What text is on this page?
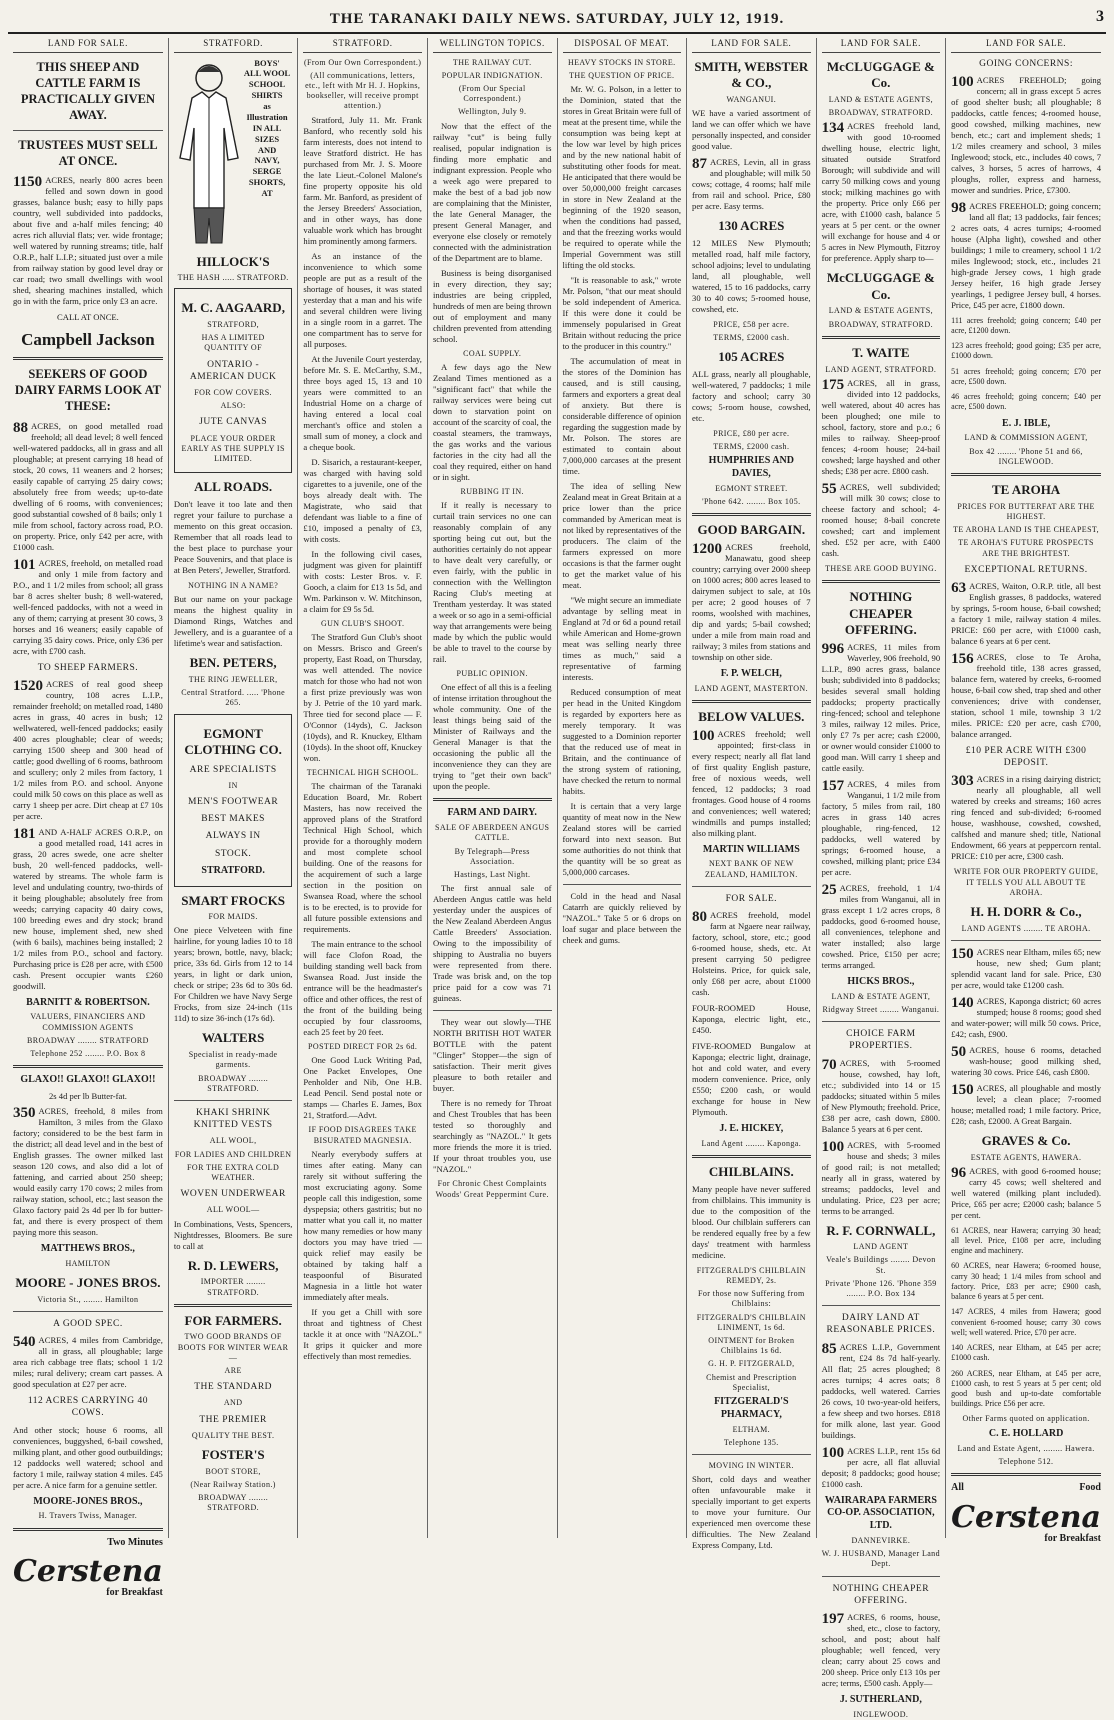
THE TARANAKI DAILY NEWS. SATURDAY, JULY 12, 1919.	3
LAND FOR SALE.
THIS SHEEP AND CATTLE FARM IS PRACTICALLY GIVEN AWAY.
TRUSTEES MUST SELL AT ONCE.
1150 ACRES, nearly 800 acres been felled and sown down in good grasses, balance bush; easy to hilly paps country, well subdivided into paddocks, about five and a-half miles fencing; 40 acres rich alluvial flats; ver. wide frontage; well watered by running streams; title, half O.R.P., half L.I.P.; situated just over a mile from railway station by good level dray or car road; two small dwellings with wool shed, shearing machines installed, which go in with the farm, price only £3 an acre.
CALL AT ONCE.
Campbell Jackson
SEEKERS OF GOOD DAIRY FARMS LOOK AT THESE:
88 ACRES, on good metalled road freehold; all dead level; 8 well fenced well-watered paddocks, all in grass and all ploughable; at present carrying 18 head of stock, 20 cows, 11 weaners and 2 horses; easily capable of carrying 25 dairy cows; absolutely free from weeds; up-to-date dwelling of 6 rooms, with conveniences; good substantial cowshed of 8 bails; only 1 mile from school, factory across road, P.O. on property. Price, only £42 per acre, with £1000 cash.
101 ACRES, freehold, on metalled road and only 1 mile from factory and P.O., and 1 1/2 miles from school; all grass bar 8 acres shelter bush; 8 well-watered, well-fenced paddocks, with not a weed in any of them; carrying at present 30 cows, 3 horses and 16 weaners; easily capable of carrying 35 dairy cows. Price, only £36 per acre, with £700 cash.
TO SHEEP FARMERS.
1520 ACRES of real good sheep country, 108 acres L.I.P., remainder freehold; on metalled road, 1480 acres in grass, 40 acres in bush; 12 wellwatered, well-fenced paddocks; easily 400 acres ploughable; clear of weeds; carrying 1500 sheep and 300 head of cattle; good dwelling of 6 rooms, bathroom and scullery; only 2 miles from factory, 1 1/2 miles from P.O. and school. Anyone could milk 50 cows on this place as well as carry 1 sheep per acre. Dirt cheap at £7 10s per acre.
181 AND A-HALF ACRES O.R.P., on a good metalled road, 141 acres in grass, 20 acres swede, one acre shelter bush, 20 well-fenced paddocks, well-watered by streams. The whole farm is level and undulating country, two-thirds of it being ploughable; absolutely free from weeds; carrying capacity 40 dairy cows, 100 breeding ewes and dry stock; brand new house, implement shed, new shed (with 6 bails), machines being installed; 2 1/2 miles from P.O., school and factory. Purchasing price is £28 per acre, with £500 cash. Present occupier wants £260 goodwill.
BARNITT & ROBERTSON.
VALUERS, FINANCIERS AND COMMISSION AGENTS
BROADWAY ........ STRATFORD
Telephone 252 ........ P.O. Box 8
GLAXO!! GLAXO!! GLAXO!!
2s 4d per lb Butter-fat.
350 ACRES, freehold, 8 miles from Hamilton, 3 miles from the Glaxo factory; considered to be the best farm in the district; all dead level and in the best of English grasses. The owner milked last season 120 cows, and also did a lot of fattening, and carried about 250 sheep; would easily carry 170 cows; 2 miles from railway station, school, etc.; last season the Glaxo factory paid 2s 4d per lb for butter-fat, and there is every prospect of them paying more this season.
MATTHEWS BROS.,
HAMILTON
MOORE - JONES BROS.
Victoria St., ........ Hamilton
A GOOD SPEC.
540 ACRES, 4 miles from Cambridge, all in grass, all ploughable; large area rich cabbage tree flats; school 1 1/2 miles; rural delivery; cream cart passes. A good speculation at £27 per acre.
112 ACRES CARRYING 40 COWS.
And other stock; house 6 rooms, all conveniences, buggyshed, 6-bail cowshed, milking plant, and other good outbuildings; 12 paddocks well watered; school and factory 1 mile, railway station 4 miles. £45 per acre. A nice farm for a genuine settler.
MOORE-JONES BROS.,
H. Travers Twiss, Manager.
Two Minutes
Cerstena
for Breakfast
STRATFORD.
BOYS'
ALL WOOL
SCHOOL
SHIRTS
as
Illustration
IN ALL
SIZES
AND
NAVY,
SERGE
SHORTS,
AT
HILLOCK'S
THE HASH ..... STRATFORD.
M. C. AAGAARD,
STRATFORD,
HAS A LIMITED QUANTITY OF
ONTARIO - AMERICAN DUCK
FOR COW COVERS.
ALSO:
JUTE CANVAS
PLACE YOUR ORDER EARLY AS THE SUPPLY IS LIMITED.
ALL ROADS.
Don't leave it too late and then regret your failure to purchase a memento on this great occasion. Remember that all roads lead to the best place to purchase your Peace Souvenirs, and that place is at Ben Peters', Jeweller, Stratford.
NOTHING IN A NAME?
But our name on your package means the highest quality in Diamond Rings, Watches and Jewellery, and is a guarantee of a lifetime's wear and satisfaction.
BEN. PETERS,
THE RING JEWELLER,
Central Stratford. ..... 'Phone 265.
EGMONT CLOTHING CO.
ARE SPECIALISTS
IN
MEN'S FOOTWEAR
BEST MAKES
ALWAYS IN
STOCK.
STRATFORD.
SMART FROCKS
FOR MAIDS.
One piece Velveteen with fine hairline, for young ladies 10 to 18 years; brown, bottle, navy, black; price, 33s 6d. Girls from 12 to 14 years, in light or dark union, check or stripe; 23s 6d to 30s 6d. For Children we have Navy Serge Frocks, from size 24-inch (11s 11d) to size 36-inch (17s 6d).
WALTERS
Specialist in ready-made garments.
BROADWAY ........ STRATFORD.
KHAKI SHRINK KNITTED VESTS
ALL WOOL,
FOR LADIES AND CHILDREN
FOR THE EXTRA COLD WEATHER.
WOVEN UNDERWEAR
ALL WOOL—
In Combinations, Vests, Spencers, Nightdresses, Bloomers. Be sure to call at
R. D. LEWERS,
IMPORTER ........ STRATFORD.
FOR FARMERS.
TWO GOOD BRANDS OF BOOTS FOR WINTER WEAR —
ARE
THE STANDARD
AND
THE PREMIER
QUALITY THE BEST.
FOSTER'S
BOOT STORE,
(Near Railway Station.)
BROADWAY ........ STRATFORD.
STRATFORD.
(From Our Own Correspondent.)
(All communications, letters, etc., left with Mr H. J. Hopkins, bookseller, will receive prompt attention.)

Stratford, July 11. Mr. Frank Banford, who recently sold his farm interests, does not intend to leave Stratford district. He has purchased from Mr. J. S. Moore the late Lieut.-Colonel Malone's fine property opposite his old farm. Mr. Banford, as president of the Jersey Breeders' Association, and in other ways, has done valuable work which has brought him prominently among farmers.

As an instance of the inconvenience to which some people are put as a result of the shortage of houses, it was stated yesterday that a man and his wife and several children were living in a single room in a garret. The one compartment has to serve for all purposes.

At the Juvenile Court yesterday, before Mr. S. E. McCarthy, S.M., three boys aged 15, 13 and 10 years were committed to an Industrial Home on a charge of having entered a local coal merchant's office and stolen a small sum of money, a clock and a cheque book.

D. Sisarich, a restaurant-keeper, was charged with having sold cigarettes to a juvenile, one of the boys already dealt with. The Magistrate, who said that defendant was liable to a fine of £10, imposed a penalty of £3, with costs.

In the following civil cases, judgment was given for plaintiff with costs: Lester Bros. v. F. Gooch, a claim for £13 1s 5d, and Wm. Parkinson v. W. Mitchinson, a claim for £9 5s 5d.

GUN CLUB'S SHOOT.

The Stratford Gun Club's shoot on Messrs. Brisco and Green's property, East Road, on Thursday, was well attended. The novice match for those who had not won a first prize previously was won by J. Petrie of the 10 yard mark. Three tied for second place — F. O'Connor (14yds), C. Jackson (10yds), and R. Knuckey, Eltham (10yds). In the shoot off, Knuckey won.

TECHNICAL HIGH SCHOOL.

The chairman of the Taranaki Education Board, Mr. Robert Masters, has now received the approved plans of the Stratford Technical High School, which provide for a thoroughly modern and most complete school building. One of the reasons for the acquirement of such a large section in the position on Swansea Road, where the school is to be erected, is to provide for all future possible extensions and requirements.

The main entrance to the school will face Clofon Road, the building standing well back from Swansea Road. Just inside the entrance will be the headmaster's office and other offices, the rest of the front of the building being occupied by four classrooms, each 25 feet by 20 feet.

POSTED DIRECT FOR 2s 6d.

One Good Luck Writing Pad, One Packet Envelopes, One Penholder and Nib, One H.B. Lead Pencil. Send postal note or stamps — Charles E. James, Box 21, Stratford.—Advt.

IF FOOD DISAGREES TAKE BISURATED MAGNESIA.

Nearly everybody suffers at times after eating. Many can rarely sit without suffering the most excruciating agony. Some people call this indigestion, some dyspepsia; others gastritis; but no matter what you call it, no matter how many remedies or how many doctors you may have tried — quick relief may easily be obtained by taking half a teaspoonful of Bisurated Magnesia in a little hot water immediately after meals.

If you get a Chill with sore throat and tightness of Chest tackle it at once with "NAZOL." It grips it quicker and more effectively than most remedies.

WELLINGTON TOPICS.
THE RAILWAY CUT.
POPULAR INDIGNATION.
(From Our Special Correspondent.)
Wellington, July 9.

Now that the effect of the railway "cut" is being fully realised, popular indignation is finding more emphatic and indignant expression. People who a week ago were prepared to make the best of a bad job now are complaining that the Minister, the late General Manager, the present General Manager, and everyone else closely or remotely connected with the administration of the Department are to blame.

Business is being disorganised in every direction, they say; industries are being crippled, hundreds of men are being thrown out of employment and many children prevented from attending school.

COAL SUPPLY.

A few days ago the New Zealand Times mentioned as a "significant fact" that while the railway services were being cut down to starvation point on account of the scarcity of coal, the coastal steamers, the tramways, the gas works and the various factories in the city had all the coal they required, either on hand or in sight.

RUBBING IT IN.

If it really is necessary to curtail train services no one can reasonably complain of any sporting being cut out, but the authorities certainly do not appear to have dealt very carefully, or even fairly, with the public in connection with the Wellington Racing Club's meeting at Trentham yesterday. It was stated a week or so ago in a semi-official way that arrangements were being made by which the public would be able to travel to the course by rail.

PUBLIC OPINION.

One effect of all this is a feeling of intense irritation throughout the whole community. One of the least things being said of the Minister of Railways and the General Manager is that the occasioning the public all the inconvenience they can they are trying to "get their own back" upon the people.

FARM AND DAIRY.
SALE OF ABERDEEN ANGUS CATTLE.
By Telegraph—Press Association.
Hastings, Last Night.

The first annual sale of Aberdeen Angus cattle was held yesterday under the auspices of the New Zealand Aberdeen Angus Cattle Breeders' Association. Owing to the impossibility of shipping to Australia no buyers were represented from there. Trade was brisk and, on the top price paid for a cow was 71 guineas.

They wear out slowly—THE NORTH BRITISH HOT WATER BOTTLE with the patent "Clinger" Stopper—the sign of satisfaction. Their merit gives pleasure to both retailer and buyer.

There is no remedy for Throat and Chest Troubles that has been tested so thoroughly and searchingly as "NAZOL." It gets more friends the more it is tried. If your throat troubles you, use "NAZOL."

For Chronic Chest Complaints Woods' Great Peppermint Cure.
DISPOSAL OF MEAT.
HEAVY STOCKS IN STORE.
THE QUESTION OF PRICE.

Mr. W. G. Polson, in a letter to the Dominion, stated that the stores in Great Britain were full of meat at the present time, while the consumption was being kept at the low war level by high prices and by the new national habit of substituting other foods for meat. He anticipated that there would be over 50,000,000 freight carcases in store in New Zealand at the beginning of the 1920 season, when the conditions had passed, and that the freezing works would be required to operate while the Imperial Government was still lifting the old stocks.

"It is reasonable to ask," wrote Mr. Polson, "that our meat should be sold independent of America. If this were done it could be immensely popularised in Great Britain without reducing the price to the producer in this country."

The accumulation of meat in the stores of the Dominion has caused, and is still causing, farmers and exporters a great deal of anxiety. But there is considerable difference of opinion regarding the suggestion made by Mr. Polson. The stores are estimated to contain about 7,000,000 carcases at the present time.

The idea of selling New Zealand meat in Great Britain at a price lower than the price commanded by American meat is not liked by representatives of the producers. The claim of the farmers expressed on more occasions is that the farmer ought to get the market value of his meat.

"We might secure an immediate advantage by selling meat in England at 7d or 6d a pound retail while American and Home-grown meat was selling nearly three times as much," said a representative of farming interests.

Reduced consumption of meat per head in the United Kingdom is regarded by exporters here as merely temporary. It was suggested to a Dominion reporter that the reduced use of meat in Britain, and the continuance of the strong system of rationing, have checked the return to normal habits.

It is certain that a very large quantity of meat now in the New Zealand stores will be carried forward into next season. But some authorities do not think that the quantity will be so great as 5,000,000 carcases.

Cold in the head and Nasal Catarrh are quickly relieved by "NAZOL." Take 5 or 6 drops on loaf sugar and place between the cheek and gums.

LAND FOR SALE.
SMITH, WEBSTER & CO.,
WANGANUI.
WE have a varied assortment of land we can offer which we have personally inspected, and consider good value.
87 ACRES, Levin, all in grass and ploughable; will milk 50 cows; cottage, 4 rooms; half mile from rail and school. Price, £80 per acre. Easy terms.
130 ACRES
12 MILES New Plymouth; metalled road, half mile factory, school adjoins; level to undulating land, all ploughable, well watered, 15 to 16 paddocks, carry 30 to 40 cows; 5-roomed house, cowshed, etc.
PRICE, £58 per acre.
TERMS, £2000 cash.
105 ACRES
ALL grass, nearly all ploughable, well-watered, 7 paddocks; 1 mile factory and school; carry 30 cows; 5-room house, cowshed, etc.
PRICE, £80 per acre.
TERMS, £2000 cash.
HUMPHRIES AND DAVIES,
EGMONT STREET.
'Phone 642. ........ Box 105.
GOOD BARGAIN.
1200 ACRES freehold, Manawatu, good sheep country; carrying over 2000 sheep on 1000 acres; 800 acres leased to dairymen subject to sale, at 10s per acre; 2 good houses of 7 rooms, woolshed with machines, dip and yards; 5-bail cowshed; under a mile from main road and railway; 3 miles from stations and township on other side.
F. P. WELCH,
LAND AGENT, MASTERTON.
BELOW VALUES.
100 ACRES freehold; well appointed; first-class in every respect; nearly all flat land of first quality English pasture, free of noxious weeds, well fenced, 12 paddocks; 3 road frontages. Good house of 4 rooms and conveniences; well watered; windmills and pumps installed; also milking plant.
MARTIN WILLIAMS
NEXT BANK OF NEW ZEALAND, HAMILTON.
FOR SALE.
80 ACRES freehold, model farm at Ngaere near railway, factory, school, store, etc.; good 6-roomed house, sheds, etc. At present carrying 50 pedigree Holsteins. Price, for quick sale, only £68 per acre, about £1000 cash.
FOUR-ROOMED House, Kaponga, electric light, etc., £450.
FIVE-ROOMED Bungalow at Kaponga; electric light, drainage, hot and cold water, and every modern convenience. Price, only £550; £200 cash, or would exchange for house in New Plymouth.
J. E. HICKEY,
Land Agent ........ Kaponga.
CHILBLAINS.
Many people have never suffered from chilblains. This immunity is due to the composition of the blood. Our chilblain sufferers can be rendered equally free by a few days' treatment with harmless medicine.
FITZGERALD'S CHILBLAIN REMEDY, 2s.
For those now Suffering from Chilblains:
FITZGERALD'S CHILBLAIN LINIMENT, 1s 6d.
OINTMENT for Broken Chilblains 1s 6d.
G. H. P. FITZGERALD,
Chemist and Prescription Specialist,
FITZGERALD'S PHARMACY,
ELTHAM.
Telephone 135.
MOVING IN WINTER.
Short, cold days and weather often unfavourable make it specially important to get experts to move your furniture. Our experienced men overcome these difficulties. The New Zealand Express Company, Ltd.
LAND FOR SALE.
McCLUGGAGE & Co.
LAND & ESTATE AGENTS,
BROADWAY, STRATFORD.
134 ACRES freehold land, with good 10-roomed dwelling house, electric light, situated outside Stratford Borough; will subdivide and will carry 50 milking cows and young stock; milking machines go with the property. Price only £66 per acre, with £1000 cash, balance 5 years at 5 per cent. or the owner will exchange for house and 4 or 5 acres in New Plymouth, Fitzroy for preference. Apply sharp to—
McCLUGGAGE & Co.
LAND & ESTATE AGENTS,
BROADWAY, STRATFORD.
T. WAITE
LAND AGENT, STRATFORD.
175 ACRES, all in grass, divided into 12 paddocks, well watered, about 40 acres has been ploughed; one mile to school, factory, store and p.o.; 6 miles to railway. Sheep-proof fences; 4-room house; 24-bail cowshed; large hayshed and other sheds; £38 per acre. £800 cash.
55 ACRES, well subdivided; will milk 30 cows; close to cheese factory and school; 4-roomed house; 8-bail concrete cowshed; cart and implement shed. £52 per acre, with £400 cash.
THESE ARE GOOD BUYING.
NOTHING CHEAPER OFFERING.
996 ACRES, 11 miles from Waverley, 906 freehold, 90 L.I.P., 890 acres grass, balance bush; subdivided into 8 paddocks; besides several small holding paddocks; property practically ring-fenced; school and telephone 3 miles, railway 12 miles. Price, only £7 7s per acre; cash £2000, or owner would consider £1000 to good man. Will carry 1 sheep and cattle easily.
157 ACRES, 4 miles from Wanganui, 1 1/2 mile from factory, 5 miles from rail, 180 acres in grass 140 acres ploughable, ring-fenced, 12 paddocks, well watered by springs; 6-roomed house, a cowshed, milking plant; price £34 per acre.
25 ACRES, freehold, 1 1/4 miles from Wanganui, all in grass except 1 1/2 acres crops, 8 paddocks, good 6-roomed house, all conveniences, telephone and water installed; also large cowshed. Price, £150 per acre; terms arranged.
HICKS BROS.,
LAND & ESTATE AGENT,
Ridgway Street ........ Wanganui.
CHOICE FARM PROPERTIES.
70 ACRES, with 5-roomed house, cowshed, hay loft, etc.; subdivided into 14 or 15 paddocks; situated within 5 miles of New Plymouth; freehold. Price, £38 per acre, cash down, £800. Balance 5 years at 6 per cent.
100 ACRES, with 5-roomed house and sheds; 3 miles of good rail; is not metalled; nearly all in grass, watered by streams; paddocks, level and undulating. Price, £23 per acre; terms to be arranged.
R. F. CORNWALL,
LAND AGENT
Veale's Buildings ........ Devon St.
Private 'Phone 126. 'Phone 359 ........ P.O. Box 134
DAIRY LAND AT REASONABLE PRICES.
85 ACRES L.I.P., Government rent, £24 8s 7d half-yearly. All flat; 25 acres ploughed; 8 acres turnips; 4 acres oats; 8 paddocks, well watered. Carries 26 cows, 10 two-year-old heifers, a few sheep and two horses. £818 for milk alone, last year. Good buildings.
100 ACRES L.I.P., rent 15s 6d per acre, all flat alluvial deposit; 8 paddocks; good house; £1000 cash.
WAIRARAPA FARMERS CO-OP. ASSOCIATION, LTD.
DANNEVIRKE.
W. J. HUSBAND, Manager Land Dept.
NOTHING CHEAPER OFFERING.
197 ACRES, 6 rooms, house, shed, etc., close to factory, school, and post; about half ploughable; well fenced, very clean; carry about 25 cows and 200 sheep. Price only £13 10s per acre; terms, £500 cash. Apply—
J. SUTHERLAND,
INGLEWOOD.
LAND FOR SALE.
GOING CONCERNS:
100 ACRES FREEHOLD; going concern; all in grass except 5 acres of good shelter bush; all ploughable; 8 paddocks, cattle fences; 4-roomed house, good cowshed, milking machines, new bench, etc.; cart and implement sheds; 1 1/2 miles creamery and school, 3 miles Inglewood; stock, etc., includes 40 cows, 7 calves, 3 horses, 5 acres of harrows, 4 ploughs, roller, express and harness, mower and sundries. Price, £7300.
98 ACRES FREEHOLD; going concern; land all flat; 13 paddocks, fair fences; 2 acres oats, 4 acres turnips; 4-roomed house (Alpha light), cowshed and other buildings; 1 mile to creamery, school 1 1/2 miles Inglewood; stock, etc., includes 21 high-grade Jersey cows, 1 high grade Jersey heifer, 16 high grade Jersey yearlings, 1 pedigree Jersey bull, 4 horses. Price, £45 per acre, £1800 down.
111 acres freehold; going concern; £40 per acre, £1200 down.
123 acres freehold; good going; £35 per acre, £1000 down.
51 acres freehold; going concern; £70 per acre, £500 down.
46 acres freehold; going concern; £40 per acre, £500 down.
E. J. IBLE,
LAND & COMMISSION AGENT,
Box 42 ........ 'Phone 51 and 66, INGLEWOOD.
TE AROHA
PRICES FOR BUTTERFAT ARE THE HIGHEST.
TE AROHA LAND IS THE CHEAPEST,
TE AROHA'S FUTURE PROSPECTS ARE THE BRIGHTEST.
EXCEPTIONAL RETURNS.
63 ACRES, Waiton, O.R.P. title, all best English grasses, 8 paddocks, watered by springs, 5-room house, 6-bail cowshed; a factory 1 mile, railway station 4 miles. PRICE: £60 per acre, with £1000 cash, balance 6 years at 6 per cent.
156 ACRES, close to Te Aroha, freehold title, 138 acres grassed, balance fern, watered by creeks, 6-roomed house, 6-bail cow shed, trap shed and other conveniences; drive with condenser, station, school 1 mile, township 3 1/2 miles. PRICE: £20 per acre, cash £700, balance arranged.
£10 PER ACRE WITH £300 DEPOSIT.
303 ACRES in a rising dairying district; nearly all ploughable, all well watered by creeks and streams; 160 acres ring fenced and sub-divided; 6-roomed house, washhouse, cowshed, cowshed, calfshed and manure shed; title, National Endowment, 66 years at peppercorn rental. PRICE: £10 per acre, £300 cash.
WRITE FOR OUR PROPERTY GUIDE, IT TELLS YOU ALL ABOUT TE AROHA.
H. H. DORR & Co.,
LAND AGENTS ........ TE AROHA.
150 ACRES near Eltham, miles 65; new house, new shed; Gum plant; splendid vacant land for sale. Price, £30 per acre, would take £1200 cash.
140 ACRES, Kaponga district; 60 acres stumped; house 8 rooms; good shed and water-power; will milk 50 cows. Price, £42; cash, £900.
50 ACRES, house 6 rooms, detached wash-house; good milking shed, watering 30 cows. Price £46, cash £800.
150 ACRES, all ploughable and mostly level; a clean place; 7-roomed house; metalled road; 1 mile factory. Price, £28; cash, £2000. A Great Bargain.
GRAVES & Co.
ESTATE AGENTS, HAWERA.
96 ACRES, with good 6-roomed house; carry 45 cows; well sheltered and well watered (milking plant included). Price, £65 per acre; £2000 cash; balance 5 per cent.
61 ACRES, near Hawera; carrying 30 head; all level. Price, £108 per acre, including engine and machinery.
60 ACRES, near Hawera; 6-roomed house, carry 30 head; 1 1/4 miles from school and factory. Price, £83 per acre; £900 cash, balance 6 years at 5 per cent.
147 ACRES, 4 miles from Hawera; good convenient 6-roomed house; carry 30 cows well; well watered. Price, £70 per acre.
140 ACRES, near Eltham, at £45 per acre; £1000 cash.
260 ACRES, near Eltham, at £45 per acre, £1000 cash, to rest 5 years at 5 per cent; old good bush and up-to-date comfortable buildings. Price £56 per acre.
Other Farms quoted on application.
C. E. HOLLARD
Land and Estate Agent, ........ Hawera.
Telephone 512.
All	Food
Cerstena
for Breakfast
